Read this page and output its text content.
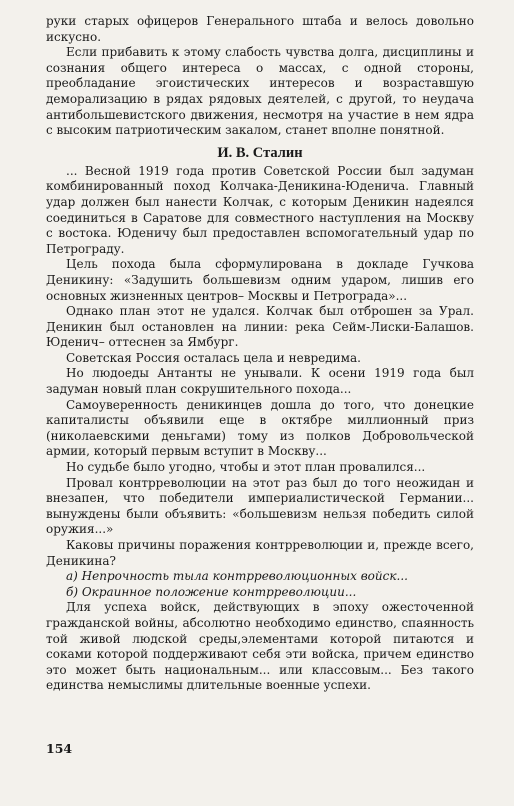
руки старых офицеров Генерального штаба и велось довольно искусно.

Если прибавить к этому слабость чувства долга, дисциплины и сознания общего интереса о массах, с одной стороны, преобладание эгоистических интересов и возраставшую деморализацию в рядах рядовых деятелей, с другой, то неудача антибольшевистского движения, несмотря на участие в нем ядра с высоким патриотическим закалом, станет вполне понятной.

И. В. Сталин

... Весной 1919 года против Советской России был задуман комбинированный поход Колчака-Деникина-Юденича. Главный удар должен был нанести Колчак, с которым Деникин надеялся соединиться в Саратове для совместного наступления на Москву с востока. Юденичу был предоставлен вспомогательный удар по Петрограду.

Цель похода была сформулирована в докладе Гучкова Деникину: «Задушить большевизм одним ударом, лишив его основных жизненных центров– Москвы и Петрограда»...

Однако план этот не удался. Колчак был отброшен за Урал. Деникин был остановлен на линии: река Сейм-Лиски-Балашов. Юденич– оттеснен за Ямбург.

Советская Россия осталась цела и невредима.

Но людоеды Антанты не унывали. К осени 1919 года был задуман новый план сокрушительного похода...

Самоуверенность деникинцев дошла до того, что донецкие капиталисты объявили еще в октябре миллионный приз (николаевскими деньгами) тому из полков Добровольческой армии, который первым вступит в Москву...

Но судьбе было угодно, чтобы и этот план провалился...

Провал контрреволюции на этот раз был до того неожидан и внезапен, что победители империалистической Германии... вынуждены были объявить: «большевизм нельзя победить силой оружия...»

Каковы причины поражения контрреволюции и, прежде всего, Деникина?

а) Непрочность тыла контрреволюционных войск...

б) Окраинное положение контрреволюции...

Для успеха войск, действующих в эпоху ожесточенной гражданской войны, абсолютно необходимо единство, спаянность той живой людской среды,элементами которой питаются и соками которой поддерживают себя эти войска, причем единство это может быть национальным... или классовым... Без такого единства немыслимы длительные военные успехи.

154
